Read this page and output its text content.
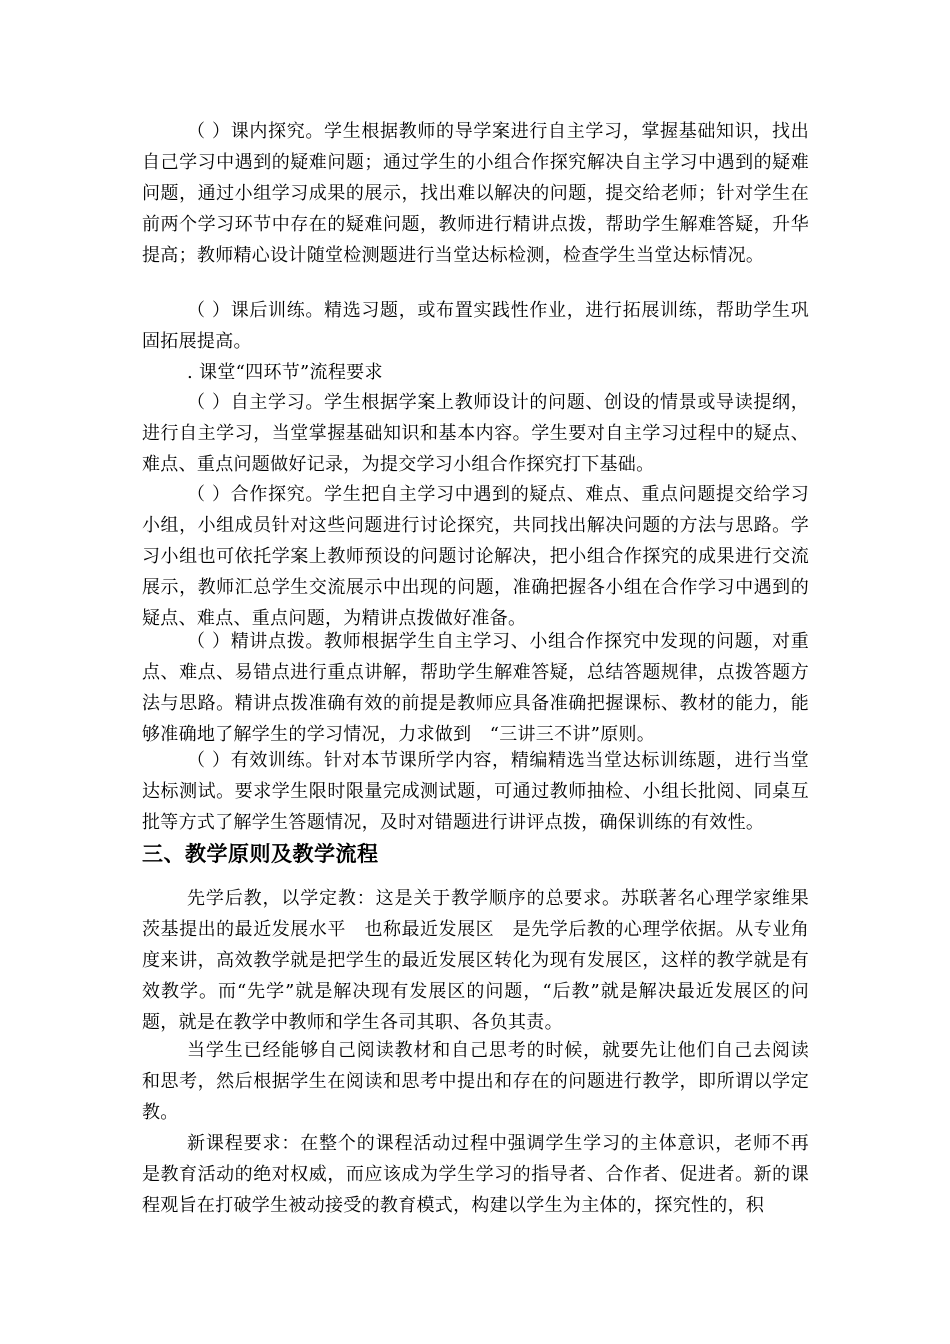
（ ）课内探究。学生根据教师的导学案进行自主学习，掌握基础知识，找出自己学习中遇到的疑难问题；通过学生的小组合作探究解决自主学习中遇到的疑难问题，通过小组学习成果的展示，找出难以解决的问题，提交给老师；针对学生在前两个学习环节中存在的疑难问题，教师进行精讲点拨，帮助学生解难答疑，升华提高；教师精心设计随堂检测题进行当堂达标检测，检查学生当堂达标情况。

（ ）课后训练。精选习题，或布置实践性作业，进行拓展训练，帮助学生巩固拓展提高。

. 课堂“四环节”流程要求

（ ）自主学习。学生根据学案上教师设计的问题、创设的情景或导读提纲，进行自主学习，当堂掌握基础知识和基本内容。学生要对自主学习过程中的疑点、难点、重点问题做好记录，为提交学习小组合作探究打下基础。

（ ）合作探究。学生把自主学习中遇到的疑点、难点、重点问题提交给学习小组，小组成员针对这些问题进行讨论探究，共同找出解决问题的方法与思路。学习小组也可依托学案上教师预设的问题讨论解决，把小组合作探究的成果进行交流展示，教师汇总学生交流展示中出现的问题，准确把握各小组在合作学习中遇到的疑点、难点、重点问题，为精讲点拨做好准备。

（ ）精讲点拨。教师根据学生自主学习、小组合作探究中发现的问题，对重点、难点、易错点进行重点讲解，帮助学生解难答疑，总结答题规律，点拨答题方法与思路。精讲点拨准确有效的前提是教师应具备准确把握课标、教材的能力，能够准确地了解学生的学习情况，力求做到　“三讲三不讲”原则。

（ ）有效训练。针对本节课所学内容，精编精选当堂达标训练题，进行当堂达标测试。要求学生限时限量完成测试题，可通过教师抽检、小组长批阅、同桌互批等方式了解学生答题情况，及时对错题进行讲评点拨，确保训练的有效性。

三、教学原则及教学流程

先学后教，以学定教：这是关于教学顺序的总要求。苏联著名心理学家维果茨基提出的最近发展水平　也称最近发展区　是先学后教的心理学依据。从专业角度来讲，高效教学就是把学生的最近发展区转化为现有发展区，这样的教学就是有效教学。而“先学”就是解决现有发展区的问题，“后教”就是解决最近发展区的问题，就是在教学中教师和学生各司其职、各负其责。

当学生已经能够自己阅读教材和自己思考的时候，就要先让他们自己去阅读和思考，然后根据学生在阅读和思考中提出和存在的问题进行教学，即所谓以学定教。

新课程要求：在整个的课程活动过程中强调学生学习的主体意识，老师不再是教育活动的绝对权威，而应该成为学生学习的指导者、合作者、促进者。新的课程观旨在打破学生被动接受的教育模式，构建以学生为主体的，探究性的，积
